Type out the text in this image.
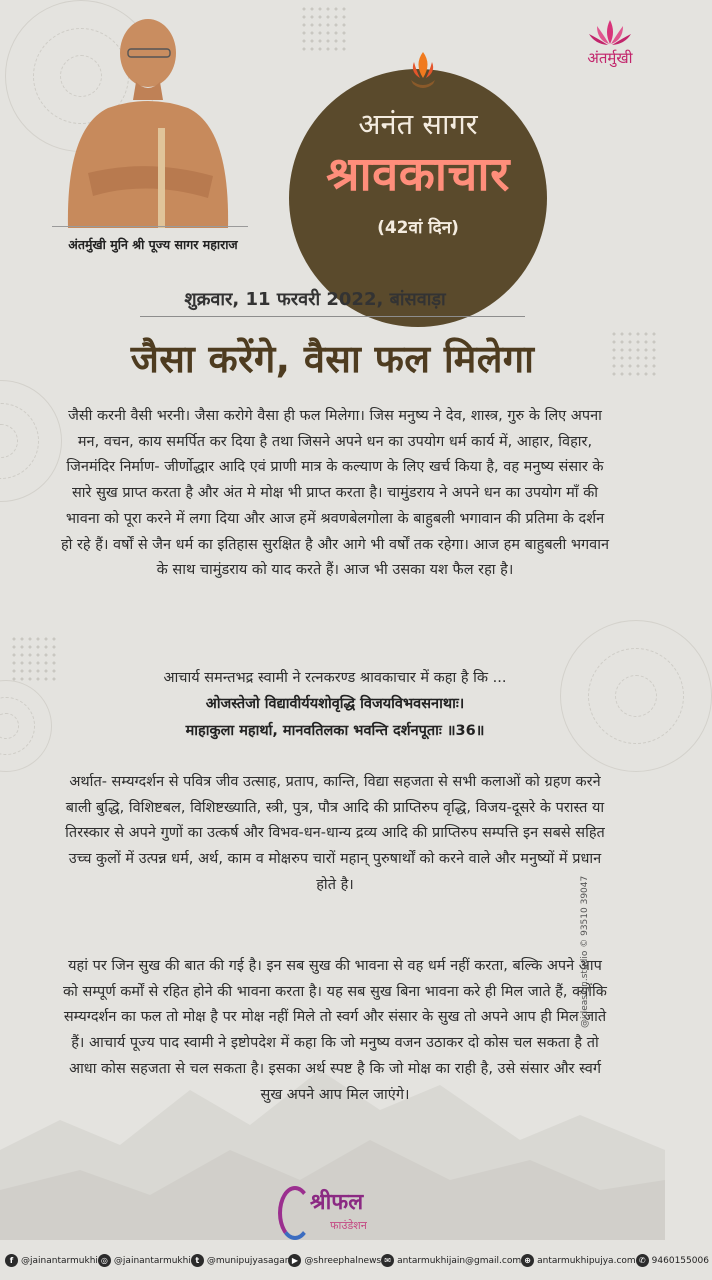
अंतर्मुखी मुनि श्री पूज्य सागर महाराज
अनंत सागर
श्रावकाचार
(42वां दिन)
अंतर्मुखी
शुक्रवार, 11 फरवरी 2022, बांसवाड़ा
जैसा करेंगे, वैसा फल मिलेगा
जैसी करनी वैसी भरनी। जैसा करोगे वैसा ही फल मिलेगा। जिस मनुष्य ने देव, शास्त्र, गुरु के लिए अपना मन, वचन, काय समर्पित कर दिया है तथा जिसने अपने धन का उपयोग धर्म कार्य में, आहार, विहार, जिनमंदिर निर्माण- जीर्णोद्धार आदि एवं प्राणी मात्र के कल्याण के लिए खर्च किया है, वह मनुष्य संसार के सारे सुख प्राप्त करता है और अंत मे मोक्ष भी प्राप्त करता है। चामुंडराय ने अपने धन का उपयोग माँ की भावना को पूरा करने में लगा दिया और आज हमें श्रवणबेलगोला के बाहुबली भगावान की प्रतिमा के दर्शन हो रहे हैं। वर्षों से जैन धर्म का इतिहास सुरक्षित है और आगे भी वर्षों तक रहेगा। आज हम बाहुबली भगवान के साथ चामुंडराय को याद करते हैं। आज भी उसका यश फैल रहा है।
आचार्य समन्तभद्र स्वामी ने रत्नकरण्ड श्रावकाचार में कहा है कि ...
ओजस्तेजो विद्यावीर्ययशोवृद्धि विजयविभवसनाथाः।
माहाकुला महार्था, मानवतिलका भवन्ति दर्शनपूताः ॥36॥
अर्थात- सम्यग्दर्शन से पवित्र जीव उत्साह, प्रताप, कान्ति, विद्या सहजता से सभी कलाओं को ग्रहण करने बाली बुद्धि, विशिष्टबल, विशिष्टख्याति, स्त्री, पुत्र, पौत्र आदि की प्राप्तिरुप वृद्धि, विजय-दूसरे के परास्त या तिरस्कार से अपने गुणों का उत्कर्ष और विभव-धन-धान्य द्रव्य आदि की प्राप्तिरुप सम्पत्ति इन सबसे सहित उच्च कुलों में उत्पन्न धर्म, अर्थ, काम व मोक्षरुप चारों महान् पुरुषार्थों को करने वाले और मनुष्यों में प्रधान होते है।
यहां पर जिन सुख की बात की गई है। इन सब सुख की भावना से वह धर्म नहीं करता, बल्कि अपने आप को सम्पूर्ण कर्मों से रहित होने की भावना करता है। यह सब सुख बिना भावना करे ही मिल जाते हैं, क्योंकि सम्यग्दर्शन का फल तो मोक्ष है पर मोक्ष नहीं मिले तो स्वर्ग और संसार के सुख तो अपने आप ही मिल जाते हैं। आचार्य पूज्य पाद स्वामी ने इष्टोपदेश में कहा कि जो मनुष्य वजन उठाकर दो कोस चल सकता है तो आधा कोस सहजता से चल सकता है। इसका अर्थ स्पष्ट है कि जो मोक्ष का राही है, उसे संसार और स्वर्ग सुख अपने आप मिल जाएंगे।
@ideasign.studio © 93510 39047
श्रीफल
फाउंडेशन
f @jainantarmukhi ◎ @jainantarmukhi t @munipujyasagar ▶ @shreephalnews ✉ antarmukhijain@gmail.com ⊕ antarmukhipujya.com ✆ 9460155006
